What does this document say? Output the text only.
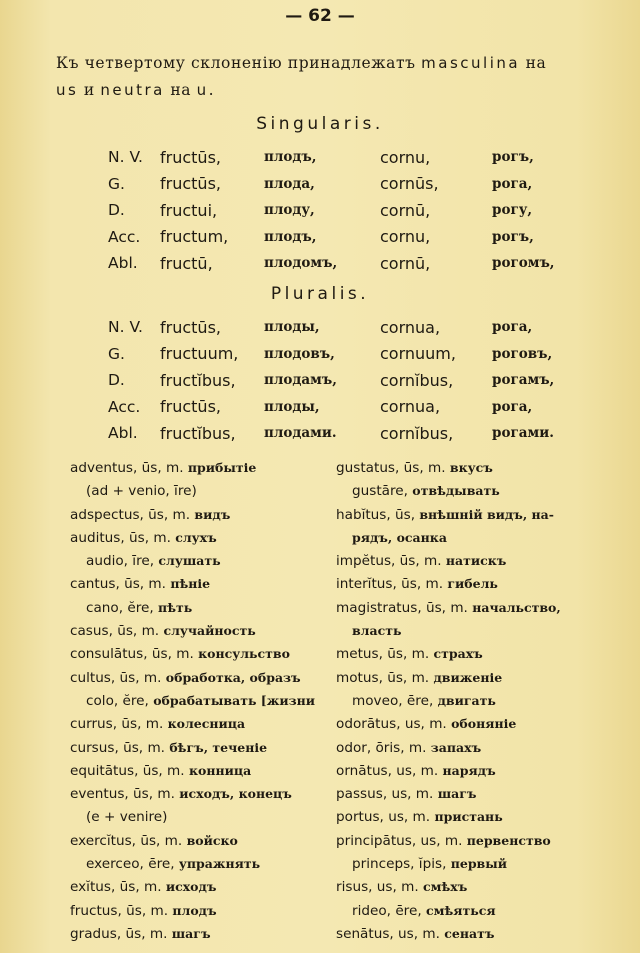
— 62 —
Къ четвертому склоненію принадлежатъ masculina на
us и neutra на u.
Singularis.
N. V.	fructūs,	плодъ,	cornu,	рогъ,
G.	fructūs,	плода,	cornūs,	рога,
D.	fructui,	плоду,	cornū,	рогу,
Acc.	fructum,	плодъ,	cornu,	рогъ,
Abl.	fructū,	плодомъ,	cornū,	рогомъ,
Pluralis.
N. V.	fructūs,	плоды,	cornua,	рога,
G.	fructuum,	плодовъ,	cornuum,	роговъ,
D.	fructĭbus,	плодамъ,	cornĭbus,	рогамъ,
Acc.	fructūs,	плоды,	cornua,	рога,
Abl.	fructĭbus,	плодами.	cornĭbus,	рогами.
adventus, ūs, m. прибытіе
(ad + venio, īre)
adspectus, ūs, m. видъ
auditus, ūs, m. слухъ
audio, īre, слушать
cantus, ūs, m. пѣніе
cano, ĕre, пѣть
casus, ūs, m. случайность
consulātus, ūs, m. консульство
cultus, ūs, m. обработка, образъ
colo, ĕre, обрабатывать [жизни
currus, ūs, m. колесница
cursus, ūs, m. бѣгъ, теченіе
equitātus, ūs, m. конница
eventus, ūs, m. исходъ, конецъ
(e + venire)
exercĭtus, ūs, m. войско
exerceo, ēre, упражнять
exĭtus, ūs, m. исходъ
fructus, ūs, m. плодъ
gradus, ūs, m. шагъ
gustatus, ūs, m. вкусъ
gustāre, отвѣдывать
habĭtus, ūs, внѣшній видъ, на-
рядъ, осанка
impĕtus, ūs, m. натискъ
interĭtus, ūs, m. гибель
magistratus, ūs, m. начальство,
власть
metus, ūs, m. страхъ
motus, ūs, m. движеніе
moveo, ēre, двигать
odorātus, us, m. обоняніе
odor, ōris, m. запахъ
ornātus, us, m. нарядъ
passus, us, m. шагъ
portus, us, m. пристань
principātus, us, m. первенство
princeps, ĭpis, первый
risus, us, m. смѣхъ
rideo, ēre, смѣяться
senātus, us, m. сенатъ
